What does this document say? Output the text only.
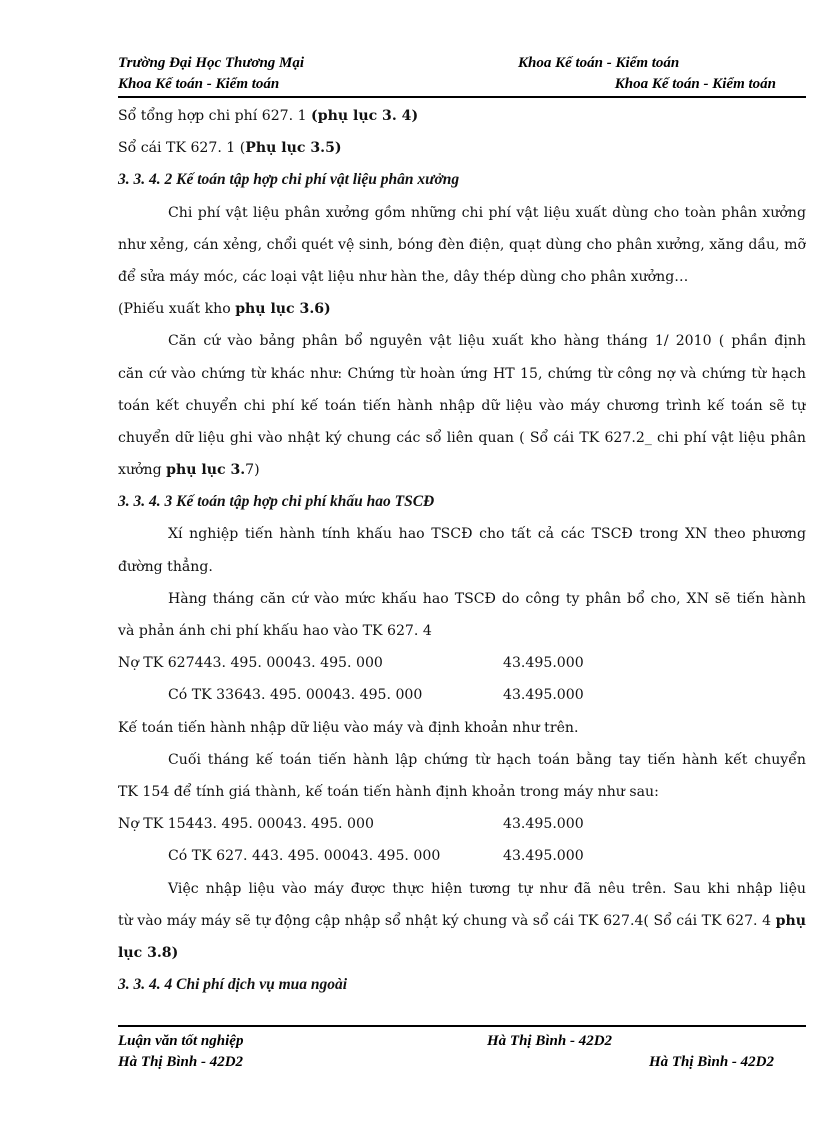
Trường Đại Học Thương Mại	Khoa Kế toán - Kiểm toán
Khoa Kế toán - Kiểm toán	Khoa Kế toán - Kiểm toán
Sổ tổng hợp chi phí 627. 1 (phụ lục 3. 4)
Sổ cái TK 627. 1 (Phụ lục 3.5)
3. 3. 4. 2 Kế toán tập hợp chi phí vật liệu phân xưởng
Chi phí vật liệu phân xưởng gồm những chi phí vật liệu xuất dùng cho toàn phân xưởng
như xẻng, cán xẻng, chổi quét vệ sinh, bóng đèn điện, quạt dùng cho phân xưởng, xăng dầu, mỡ
để sửa máy móc, các loại vật liệu như hàn the, dây thép dùng cho phân xưởng…
(Phiếu xuất kho phụ lục 3.6)
Căn cứ vào bảng phân bổ nguyên vật liệu xuất kho hàng tháng 1/ 2010 ( phần định
căn cứ vào chứng từ khác như: Chứng từ hoàn ứng HT 15, chứng từ công nợ và chứng từ hạch
toán kết chuyển chi phí kế toán tiến hành nhập dữ liệu vào máy chương trình kế toán sẽ tự
chuyển dữ liệu ghi vào nhật ký chung các sổ liên quan ( Sổ cái TK 627.2_ chi phí vật liệu phân
xưởng phụ lục 3.7)
3. 3. 4. 3 Kế toán tập hợp chi phí khấu hao TSCĐ
Xí nghiệp tiến hành tính khấu hao TSCĐ cho tất cả các TSCĐ trong XN theo phương
đường thẳng.
Hàng tháng căn cứ vào mức khấu hao TSCĐ do công ty phân bổ cho, XN sẽ tiến hành
và phản ánh chi phí khấu hao vào TK 627. 4
Nợ TK 627443. 495. 00043. 495. 000	43.495.000
Có TK 33643. 495. 00043. 495. 000	43.495.000
Kế toán tiến hành nhập dữ liệu vào máy và định khoản như trên.
Cuối tháng kế toán tiến hành lập chứng từ hạch toán bằng tay tiến hành kết chuyển
TK 154 để tính giá thành, kế toán tiến hành định khoản trong máy như sau:
Nợ TK 15443. 495. 00043. 495. 000	43.495.000
Có TK 627. 443. 495. 00043. 495. 000	43.495.000
Việc nhập liệu vào máy được thực hiện tương tự như đã nêu trên. Sau khi nhập liệu
từ vào máy máy sẽ tự động cập nhập sổ nhật ký chung và sổ cái TK 627.4( Sổ cái TK 627. 4 phụ
lục 3.8)
3. 3. 4. 4 Chi phí dịch vụ mua ngoài
Luận văn tốt nghiệp	Hà Thị Bình - 42D2
Hà Thị Bình - 42D2	Hà Thị Bình - 42D2
